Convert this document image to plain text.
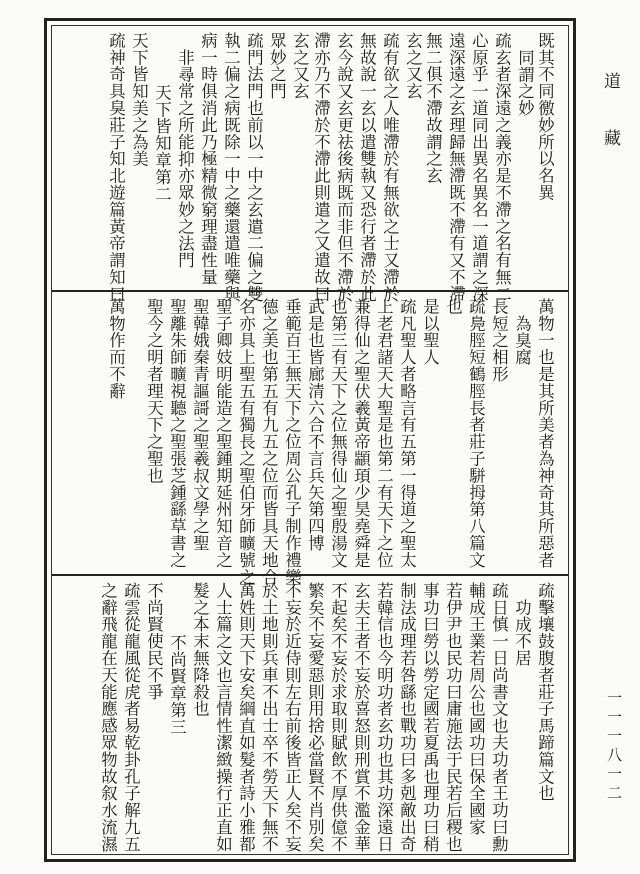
既其不同徼妙所以名異
同謂之妙
疏玄者深遠之義亦是不滯之名有無二
心原乎一道同出異名異名一道謂之深
遠深遠之玄理歸無滯既不滯有又不滯
無二俱不滯故謂之玄
玄之又玄
疏有欲之人唯滯於有無欲之士又滯於
無故說一玄以遣雙執又恐行者滯於此
玄今說又玄更祛後病既而非但不滯於
滯亦乃不滯於不滯此則遣之又遣故曰
玄之又玄
眾妙之門
疏門法門也前以一中之玄遣二偏之雙
執二偏之病既除一中之藥還遣唯藥與
病一時俱消此乃極精微窮理盡性量
非尋常之所能抑亦眾妙之法門
天下皆知章第二
天下皆知美之為美
疏神奇具臭莊子知北遊篇黃帝謂知曰
萬物一也是其所美者為神奇其所惡者
為臭腐
長短之相形
疏鳧脛短鶴脛長者莊子駢拇第八篇文
也
是以聖人
疏凡聖人者略言有五第一得道之聖太
上老君諸天大聖是也第二有天下之位
兼得仙之聖伏羲黃帝顓頊少昊堯舜是
也第三有天下之位無得仙之聖殷湯文
武是也皆廊清六合不言兵矢第四博
垂範百王無天下之位周公孔子制作禮樂
德之美也第五有九五之位而皆具天地合
名亦具上聖五有獨長之聖伯牙師曠號之
聖子卿妓明能造之聖鍾期延州知音之
聖韓娥秦青謳謌之聖羲叔文學之聖
聖離朱師曠視聽之聖張芝鍾繇草書之
聖今之明者理天下之聖也
萬物作而不辭
疏擊壤鼓腹者莊子馬蹄篇文也
功成不居
疏日慎一日尚書文也夫功者王功曰勳
輔成王業若周公也國功曰保全國家
若伊尹也民功曰庸施法于民若后稷也
事功曰勞以勞定國若夏禹也理功曰稍
制法成理若咎繇也戰功曰多剋敵出奇
若韓信也今明功者玄功也其功深遠日
玄夫王者不妄於喜怒則刑賞不濫金華
不起矣不妄於求取則賦飲不厚供億不
繁矣不妄愛惡則用捨必當賢不肖別矣
不妄於近侍則左右前後皆正人矣不妄
於土地則兵車不出士卒不勞天下無不
萬姓則天下安矣綱直如髮者詩小雅都
人士篇之文也言情性潔緻操行正直如
髮之本末無降殺也
不尚賢章第三
不尚賢使民不爭
疏雲從龍風從虎者易乾卦孔子解九五
之辭飛龍在天能應感眾物故叙水流濕
道藏
一一一八一二
